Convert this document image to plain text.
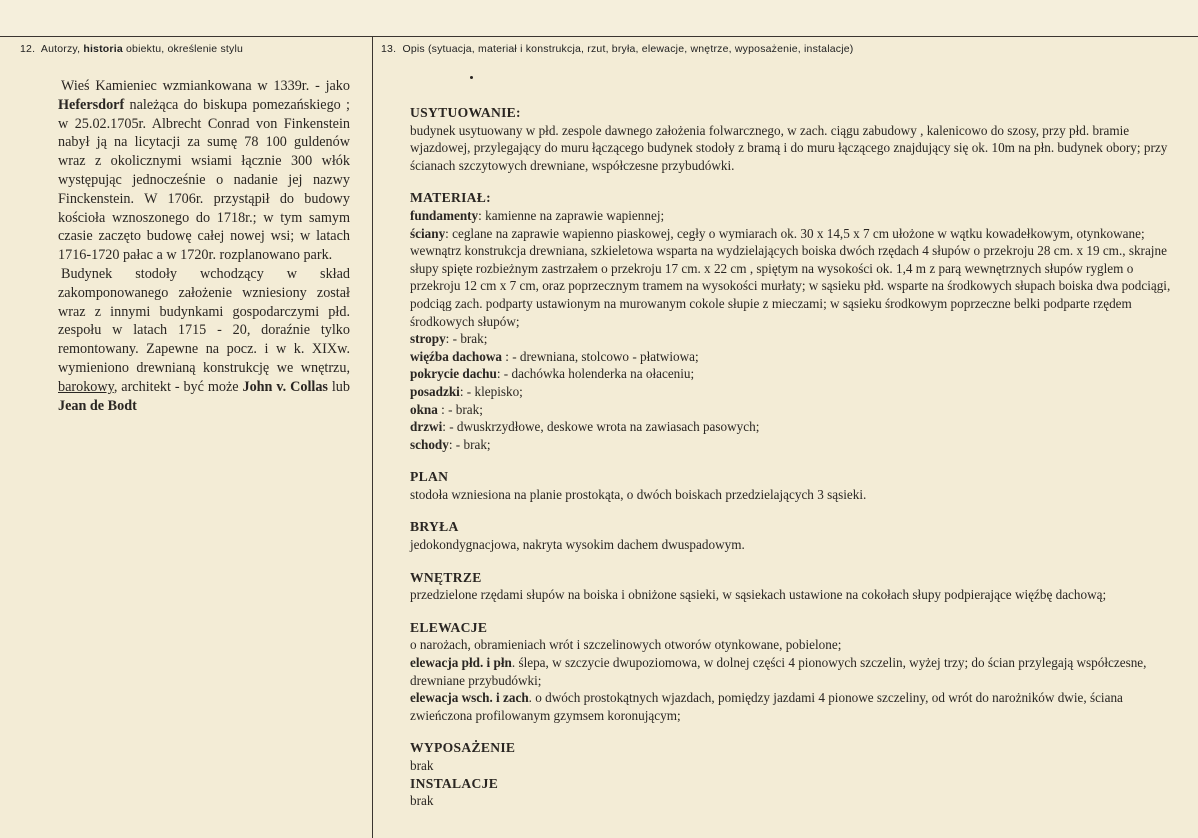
12. Autorzy, historia obiektu, określenie stylu	13. Opis (sytuacja, materiał i konstrukcja, rzut, bryła, elewacje, wnętrze, wyposażenie, instalacje)

Wieś Kamieniec wzmiankowana w 1339r. - jako Hefersdorf należąca do biskupa pomezańskiego ; w 25.02.1705r. Albrecht Conrad von Finkenstein nabył ją na licytacji za sumę 78 100 guldenów wraz z okolicznymi wsiami łącznie 300 włók występując jednocześnie o nadanie jej nazwy Finckenstein. W 1706r. przystąpił do budowy kościoła wznoszonego do 1718r.; w tym samym czasie zaczęto budowę całej nowej wsi; w latach 1716-1720 pałac a w 1720r. rozplanowano park.

Budynek stodoły wchodzący w skład zakomponowanego założenie wzniesiony został wraz z innymi budynkami gospodarczymi płd. zespołu w latach 1715 - 20, doraźnie tylko remontowany. Zapewne na pocz. i w k. XIXw. wymieniono drewnianą konstrukcję we wnętrzu, barokowy, architekt - być może John v. Collas lub Jean de Bodt

USYTUOWANIE:
budynek usytuowany w płd. zespole dawnego założenia folwarcznego, w zach. ciągu zabudowy , kalenicowo do szosy, przy płd. bramie wjazdowej, przylegający do muru łączącego budynek stodoły z bramą i do muru łączącego znajdujący się ok. 10m na płn. budynek obory; przy ścianach szczytowych drewniane, współczesne przybudówki.
MATERIAŁ:
fundamenty: kamienne na zaprawie wapiennej;
ściany: ceglane na zaprawie wapienno piaskowej, cegły o wymiarach ok. 30 x 14,5 x 7 cm ułożone w wątku kowadełkowym, otynkowane;
wewnątrz konstrukcja drewniana, szkieletowa wsparta na wydzielających boiska dwóch rzędach 4 słupów o przekroju 28 cm. x 19 cm., skrajne słupy spięte rozbieżnym zastrzałem o przekroju 17 cm. x 22 cm , spiętym na wysokości ok. 1,4 m z parą wewnętrznych słupów ryglem o przekroju 12 cm x 7 cm, oraz poprzecznym tramem na wysokości murłaty; w sąsieku płd. wsparte na środkowych słupach boiska dwa podciągi, podciąg zach. podparty ustawionym na murowanym cokole słupie z mieczami; w sąsieku środkowym poprzeczne belki podparte rzędem środkowych słupów;
stropy: - brak;
więźba dachowa : - drewniana, stolcowo - płatwiowa;
pokrycie dachu: - dachówka holenderka na ołaceniu;
posadzki: - klepisko;
okna : - brak;
drzwi: - dwuskrzydłowe, deskowe wrota na zawiasach pasowych;
schody: - brak;
PLAN
stodoła wzniesiona na planie prostokąta, o dwóch boiskach przedzielających 3 sąsieki.
BRYŁA
jedokondygnacjowa, nakryta wysokim dachem dwuspadowym.
WNĘTRZE
przedzielone rzędami słupów na boiska i obniżone sąsieki, w sąsiekach ustawione na cokołach słupy podpierające więźbę dachową;
ELEWACJE
o narożach, obramieniach wrót i szczelinowych otworów otynkowane, pobielone;
elewacja płd. i płn. ślepa, w szczycie dwupoziomowa, w dolnej części 4 pionowych szczelin, wyżej trzy; do ścian przylegają współczesne, drewniane przybudówki;
elewacja wsch. i zach. o dwóch prostokątnych wjazdach, pomiędzy jazdami 4 pionowe szczeliny, od wrót do narożników dwie, ściana zwieńczona profilowanym gzymsem koronującym;
WYPOSAŻENIE
brak
INSTALACJE
brak
